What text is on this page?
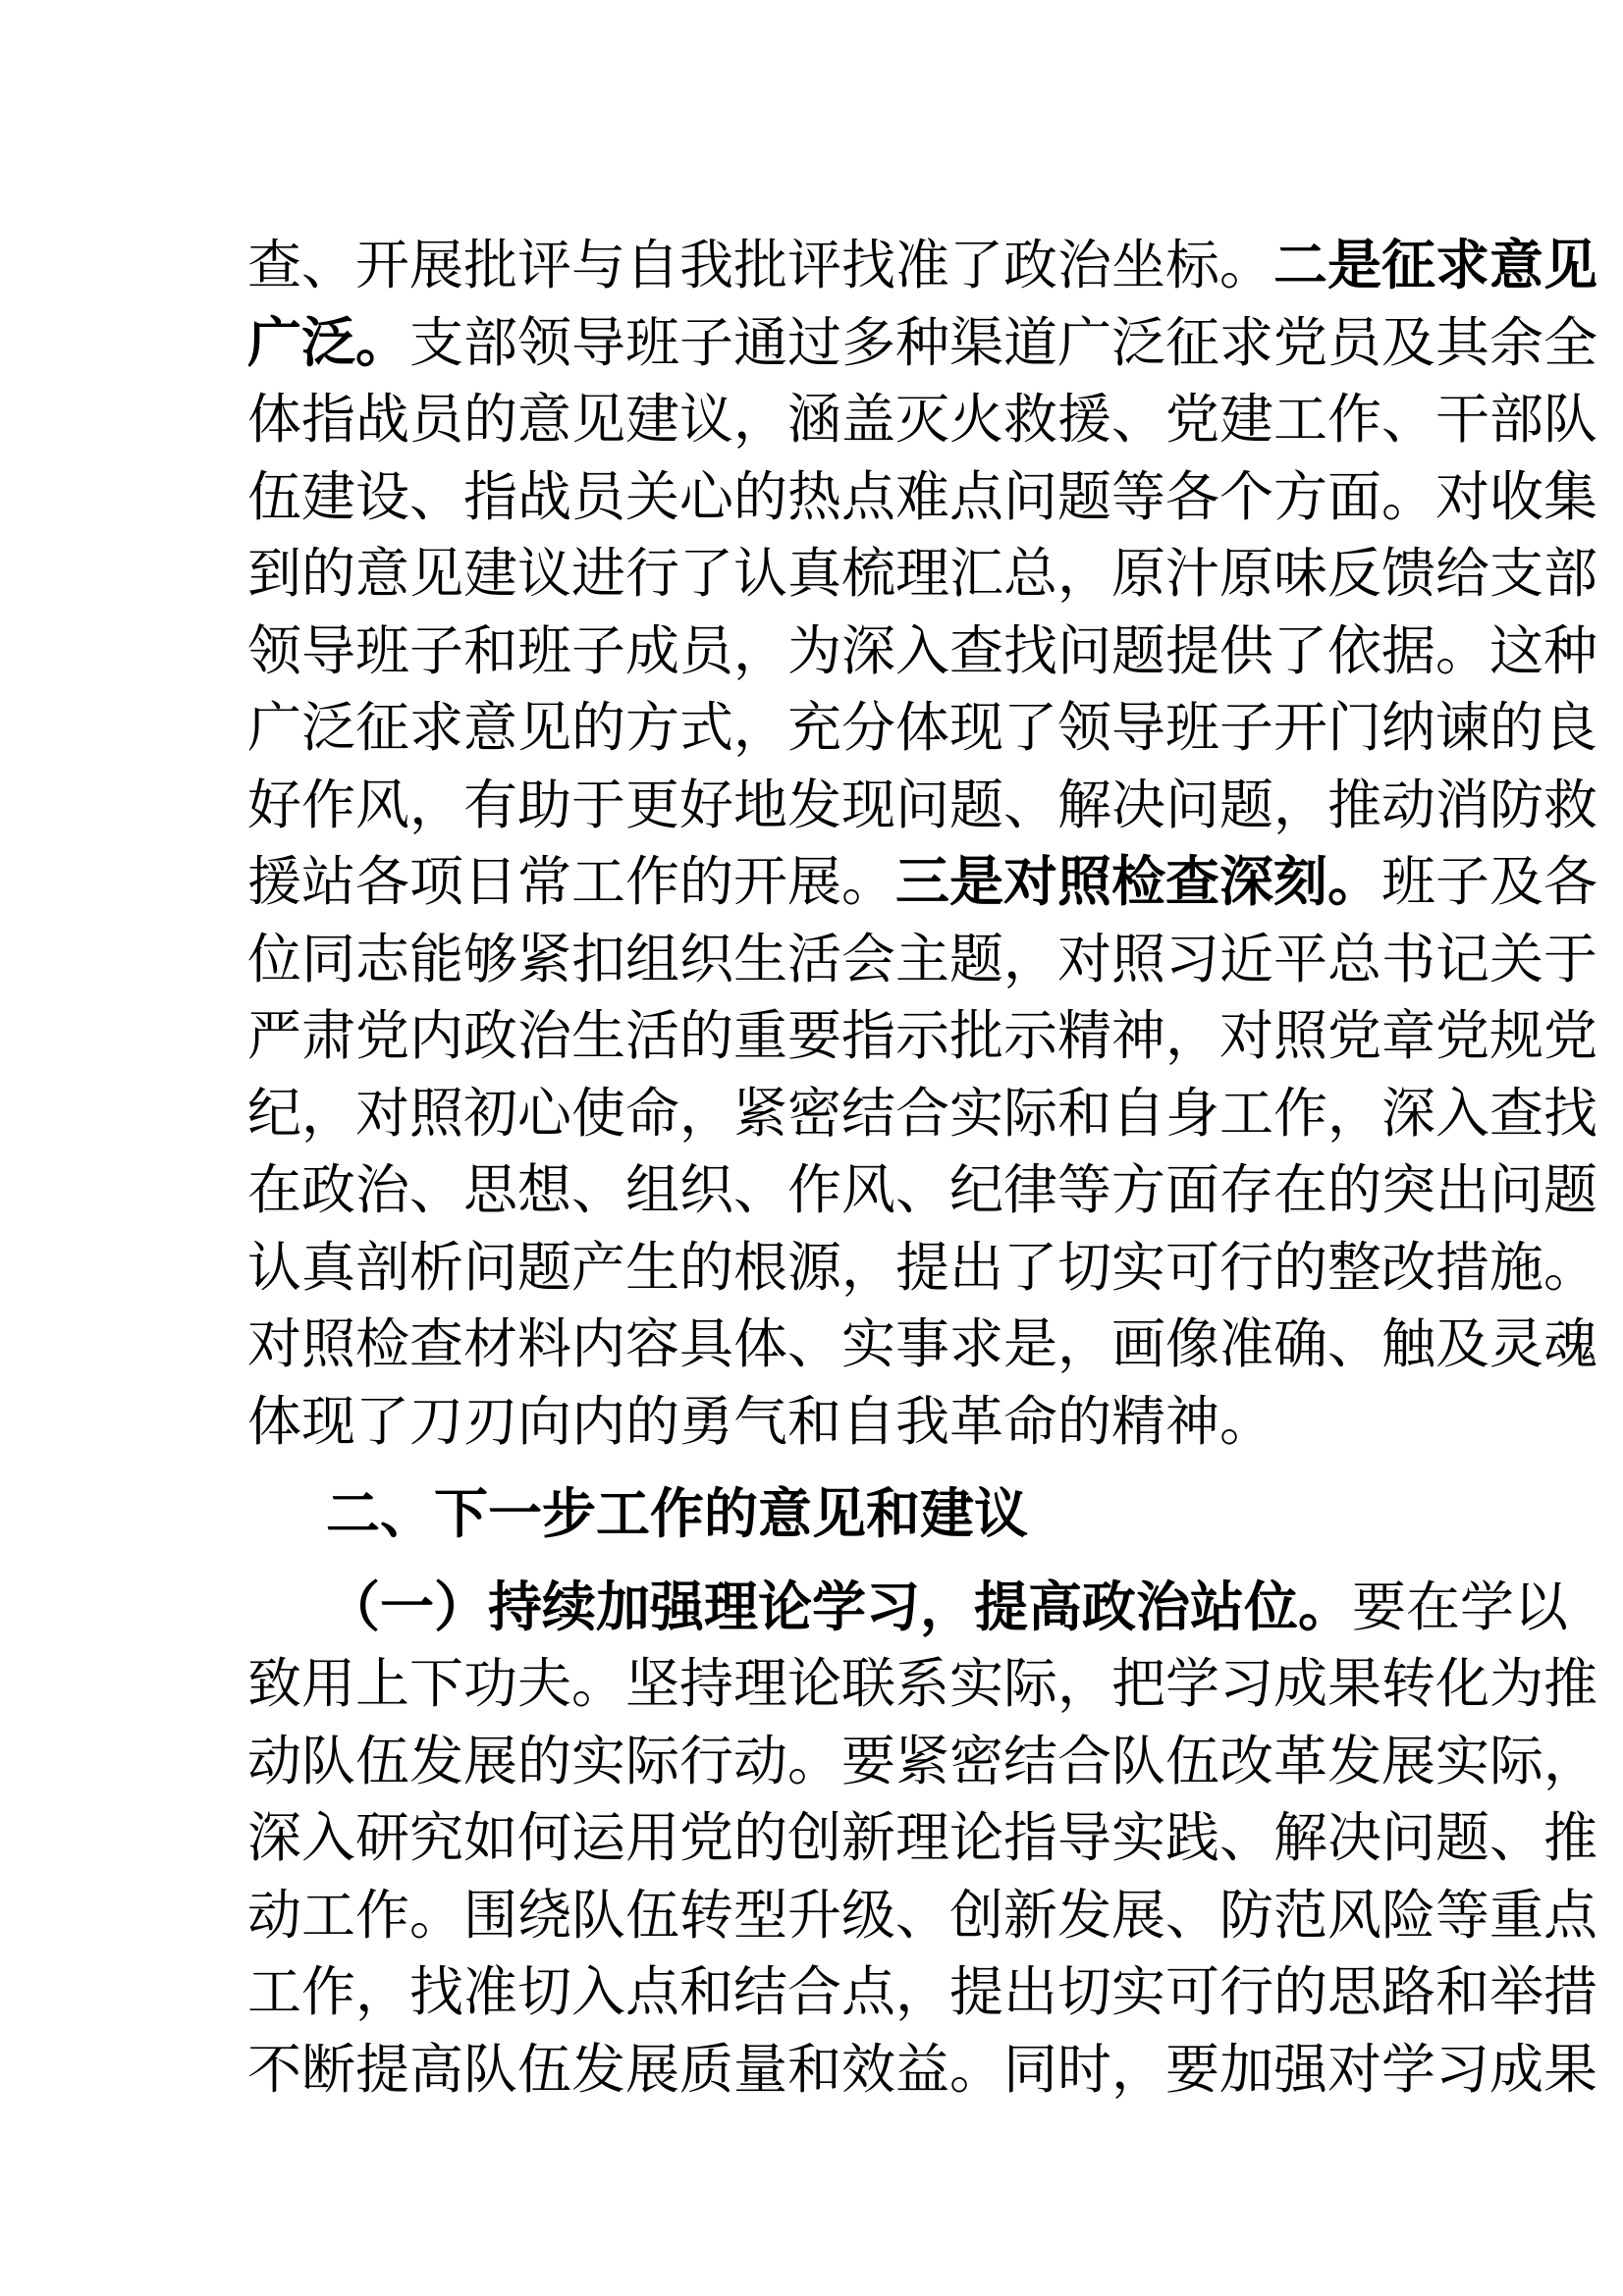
查、开展批评与自我批评找准了政治坐标。 二是征求意见
广泛。 支部领导班子通过多种渠道广泛征求党员及其余全
体指战员的意见建议，涵盖灭火救援、党建工作、干部队
伍建设、指战员关心的热点难点问题等各个方面。对收集
到的意见建议进行了认真梳理汇总，原汁原味反馈给支部
领导班子和班子成员，为深入查找问题提供了依据。这种
广泛征求意见的方式，充分体现了领导班子开门纳谏的良
好作风，有助于更好地发现问题、解决问题，推动消防救
援站各项日常工作的开展。 三是对照检查深刻。 班子及各
位同志能够紧扣组织生活会主题，对照习近平总书记关于
严肃党内政治生活的重要指示批示精神，对照党章党规党
纪，对照初心使命，紧密结合实际和自身工作，深入查找
在政治、思想、组织、作风、纪律等方面存在的突出问题
认真剖析问题产生的根源，提出了切实可行的整改措施。
对照检查材料内容具体、实事求是，画像准确、触及灵魂
体现了刀刃向内的勇气和自我革命的精神。
二、下一步工作的意见和建议
（一）持续加强理论学习，提高政治站位。 要在学以
致用上下功夫。坚持理论联系实际，把学习成果转化为推
动队伍发展的实际行动。要紧密结合队伍改革发展实际，
深入研究如何运用党的创新理论指导实践、解决问题、推
动工作。围绕队伍转型升级、创新发展、防范风险等重点
工作，找准切入点和结合点，提出切实可行的思路和举措
不断提高队伍发展质量和效益。同时，要加强对学习成果
